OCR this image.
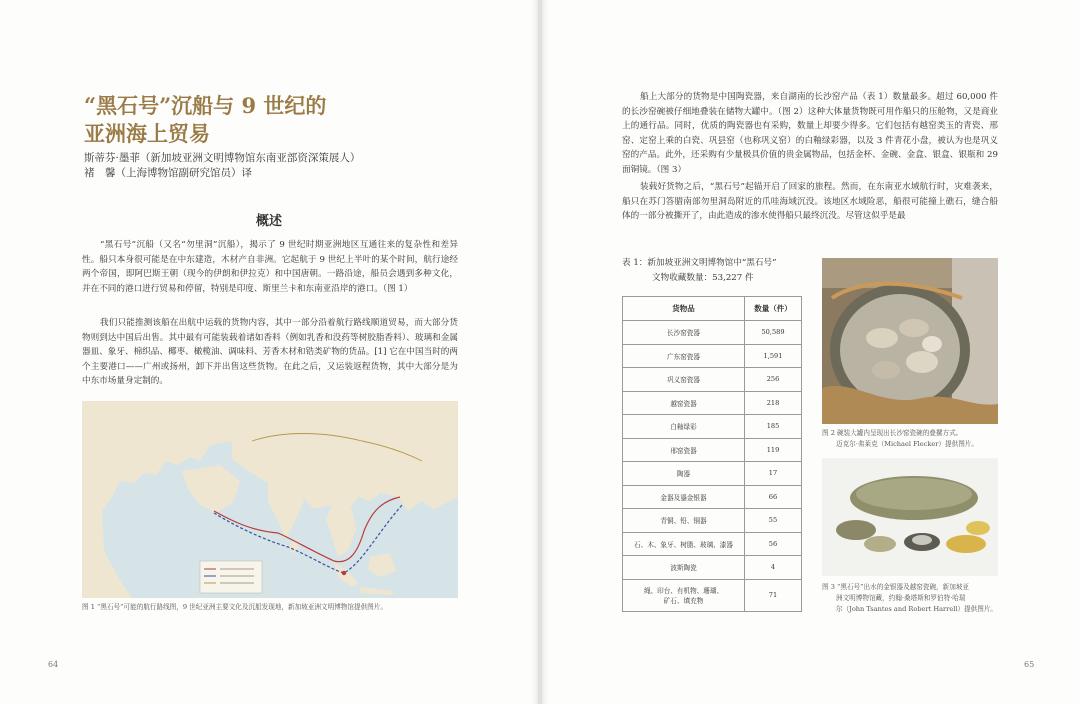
“黑石号”沉船与 9 世纪的
亚洲海上贸易
斯蒂芬·墨菲（新加坡亚洲文明博物馆东南亚部资深策展人）
褚　馨（上海博物馆副研究馆员）译
概述
“黑石号”沉船（又名“勿里洞”沉船），揭示了 9 世纪时期亚洲地区互通往来的复杂性和差异性。船只本身很可能是在中东建造，木材产自非洲。它起航于 9 世纪上半叶的某个时间，航行途经两个帝国，即阿巴斯王朝（现今的伊朗和伊拉克）和中国唐朝。一路沿途，船员会遇到多种文化，并在不同的港口进行贸易和停留，特别是印度、斯里兰卡和东南亚沿岸的港口。（图 1）
我们只能推测该船在出航中运载的货物内容，其中一部分沿着航行路线顺道贸易，而大部分货物则到达中国后出售。其中最有可能装载着诸如香料（例如乳香和没药等树胶脂香料）、玻璃和金属器皿、象牙、棉织品、椰枣、橄榄油、调味料、芳香木材和锆类矿物的货品。[1] 它在中国当时的两个主要港口——广州或扬州，卸下并出售这些货物。在此之后，又运装返程货物，其中大部分是为中东市场量身定制的。
图 1 “黑石号”可能的航行路线图，9 世纪亚洲主要文化及沉船发现地，新加坡亚洲文明博物馆提供图片。
64
船上大部分的货物是中国陶瓷器，来自湖南的长沙窑产品（表 1）数量最多。超过 60,000 件的长沙窑碗被仔细地叠装在储物大罐中。（图 2）这种大体量货物既可用作船只的压舱物，又是商业上的通行品。同时，优质的陶瓷器也有采购，数量上却要少得多。它们包括有越窑类玉的青瓷、邢窑、定窑上乘的白瓷、巩县窑（也称巩义窑）的白釉绿彩器，以及 3 件青花小盘，被认为也是巩义窑的产品。此外，还采购有少量极具价值的贵金属物品，包括金杯、金碗、金盒、银盒、银瓶和 29 面铜镜。（图 3）
装载好货物之后，“黑石号”起锚开启了回家的旅程。然而，在东南亚水域航行时，灾难袭来，船只在苏门答腊南部勿里洞岛附近的爪哇海域沉没。该地区水域险恶，船很可能撞上礁石，缝合船体的一部分被撕开了，由此造成的渗水使得船只最终沉没。尽管这似乎是最
表 1：新加坡亚洲文明博物馆中“黑石号”
文物收藏数量：53,227 件
货物品	数量（件）
长沙窑瓷器	50,589
广东窑瓷器	1,591
巩义窑瓷器	256
越窑瓷器	218
白釉绿彩	185
邢窑瓷器	119
陶器	17
金器及鎏金银器	66
青铜、铅、铜器	55
石、木、象牙、树脂、玻璃、漆器	56
波斯陶瓷	4

绳、印台、有机物、珊瑚、
矿石、填充物	71
图 2 碗装大罐内呈现出长沙窑瓷碗的叠摞方式。
迈克尔·弗莱克（Michael Flecker）提供图片。
图 3 “黑石号”出水的金银器及越窑瓷碗，新加坡亚
洲文明博物馆藏，约翰·桑塔斯和罗伯特·哈瑞
尔（John Tsantes and Robert Harrell）提供图片。
65
